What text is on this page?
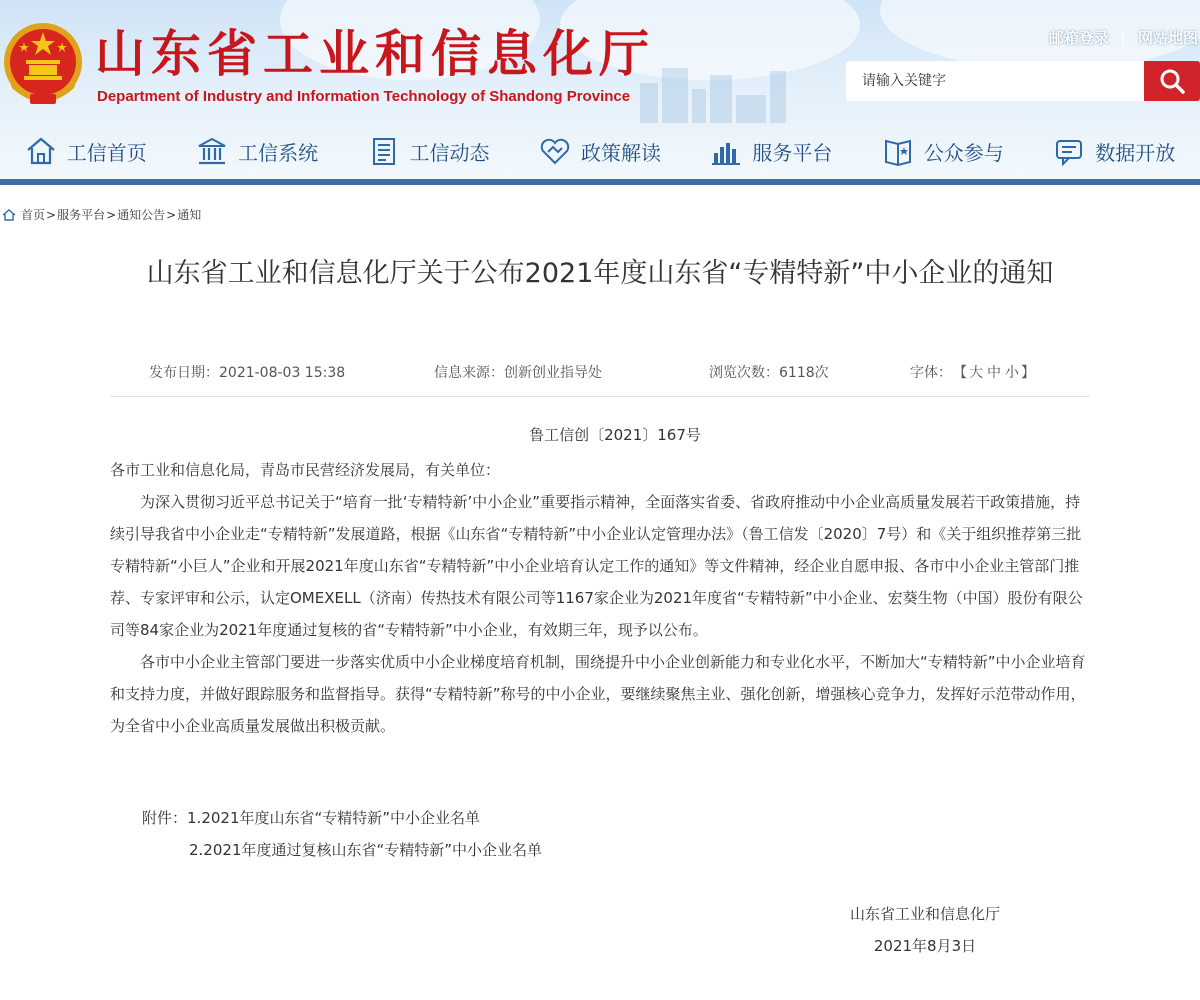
山东省工业和信息化厅
Department of Industry and Information Technology of Shandong Province
邮箱登录 | 网站地图
请输入关键字
工信首页	工信系统	工信动态	政策解读	服务平台	公众参与	数据开放
首页 > 服务平台 > 通知公告 > 通知
山东省工业和信息化厅关于公布2021年度山东省“专精特新”中小企业的通知
发布日期：2021-08-03 15:38	信息来源：创新创业指导处	浏览次数：6118次	字体： 【 大 中 小 】
鲁工信创〔2021〕167号

各市工业和信息化局，青岛市民营经济发展局，有关单位：

为深入贯彻习近平总书记关于“培育一批‘专精特新’中小企业”重要指示精神，全面落实省委、省政府推动中小企业高质量发展若干政策措施，持续引导我省中小企业走“专精特新”发展道路，根据《山东省“专精特新”中小企业认定管理办法》（鲁工信发〔2020〕7号）和《关于组织推荐第三批专精特新“小巨人”企业和开展2021年度山东省“专精特新”中小企业培育认定工作的通知》等文件精神，经企业自愿申报、各市中小企业主管部门推荐、专家评审和公示，认定OMEXELL（济南）传热技术有限公司等1167家企业为2021年度省“专精特新”中小企业、宏葵生物（中国）股份有限公司等84家企业为2021年度通过复核的省“专精特新”中小企业，有效期三年，现予以公布。

各市中小企业主管部门要进一步落实优质中小企业梯度培育机制，围绕提升中小企业创新能力和专业化水平，不断加大“专精特新”中小企业培育和支持力度，并做好跟踪服务和监督指导。获得“专精特新”称号的中小企业，要继续聚焦主业、强化创新，增强核心竞争力，发挥好示范带动作用，为全省中小企业高质量发展做出积极贡献。

附件：1.2021年度山东省“专精特新”中小企业名单
2.2021年度通过复核山东省“专精特新”中小企业名单
山东省工业和信息化厅
2021年8月3日
